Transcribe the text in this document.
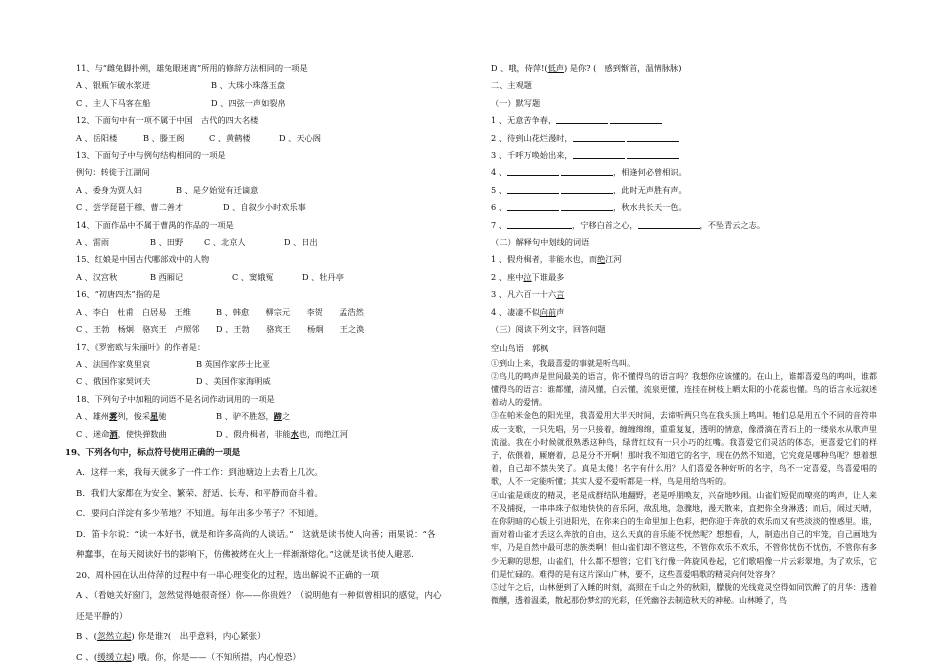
11、与“雌兔脚扑朔，雄兔眼迷离”所用的修辞方法相同的一项是
A 、银瓶乍破水浆迸	B 、大珠小珠落玉盘
C 、主人下马客在船	D 、四弦一声如裂帛
12、下面句中有一项不属于中国　古代的四大名楼
A 、岳阳楼	B 、滕王阁	C 、黄鹤楼	D 、天心阁
13、下面句子中与例句结构相同的一项是
例句：转徙于江湖间
A 、委身为贾人妇	B 、是夕始觉有迁谪意
C 、尝学琵琶于穆、曹二善才	D 、自叙少小时欢乐事
14、下面作品中不属于曹禺的作品的一项是
A 、雷雨	B 、田野	C 、北京人	D 、日出
15、红娘是中国古代哪部戏中的人物
A 、汉宫秋	B 西厢记	C 、窦娥冤	D 、牡丹亭
16、“初唐四杰”指的是
A 、李白　杜甫　白居易　王维	B 、韩愈　　柳宗元　　李贺　　孟浩然
C 、王勃　杨炯　骆宾王　卢照邻	D 、王勃　　骆宾王　　杨炯　　王之涣
17、《罗密欧与朱丽叶》的作者是：
A 、法国作家莫里哀	B 英国作家莎士比亚
C 、俄国作家契诃夫	D 、美国作家海明威
18、下列句子中加粗的词语不是名词作动词用的一项是
A 、雄州雾列，俊采星驰	B 、驴不胜怒，蹄之
C 、迷命酒，使快弹数曲	D 、假舟楫者，非能水也，而绝江河
19、下列各句中，标点符号使用正确的一项是
A．这样一来，我每天就多了一件工作：到池塘边上去看上几次。
B．我们大家都在为安全、繁荣、舒适、长寿、和平静而奋斗着。
C．要问白洋淀有多少苇地？不知道。每年出多少苇子？不知道。
D．笛卡尔说：“读一本好书，就是和许多高尚的人谈话。”　这就是读书使人向善；雨果说：“各
种蠢事，在每天阅读好书的影响下，仿佛被烤在火上一样渐渐熔化。”这就是读书使人避恶.
20、周朴园在认出侍萍的过程中有一串心理变化的过程，选出解说不正确的一项
A 、（看她关好窗门，忽然觉得她很奇怪）你——你贵姓？（说明他有一种似曾相识的感觉，内心
还是平静的）
B 、(忽然立起) 你是谁?(　出乎意料，内心紧张）
C 、(缓缓立起) 哦。你，你是——（不知所措，内心惶恐）
D 、哦，侍萍!(低声) 是你? (　感到惭首，温情脉脉)
二、主观题
（一）默写题
1 、无意苦争春，
2 、待到山花烂漫时，
3 、千呼万唤始出来，
4 、	，相逢何必曾相识。
5 、	，此时无声胜有声。
6 、	，秋水共长天一色。
7 、	，宁移白首之心，	，不坠青云之志。
（二）解释句中划线的词语
1 、假舟楫者，非能水也，而绝江河
2 、座中泣下谁最多
3 、凡六百一十六言
4 、凄凄不似向前声
（三）阅读下列文字，回答问题
空山鸟语　郭枫
①到山上来，我最喜爱的事就是听鸟叫。
②鸟儿的鸣声是世间最美的语言，你不懂得鸟的语言吗？我想你应该懂的。在山上，谁都喜爱鸟的鸣叫，谁都懂得鸟的语言：谁都懂，清风懂，白云懂，流泉更懂，连挂在树枝上晒太阳的小花蕊也懂。鸟的语言永远叙述着动人的爱情。
③在帕米金色的阳光里，我喜爱用大半天时间，去谛听两只鸟在我头顶上鸣叫。牠们总是用五个不同的音符串成一支歌，一只先唱，另一只接着，缠缠绵绵，重重复复，透明的情意，像滑滴在青石上的一缕泉水从歌声里流溢。我在小时候就很熟悉这种鸟，绿背红纹有一只小巧的红嘴。我喜爱它们灵活的体态，更喜爱它们的样子，依偎着，厮磨着，总是分不开啊！那时我不知道它的名字，现在仍然不知道，它究竟是哪种鸟呢？想着想着，自己却不禁失笑了。真是太傻！名字有什么用？人们喜爱各种好听的名字，鸟不一定喜爱，鸟喜爱唱的歌，人不一定能听懂；其实人爱不爱听都是一样，鸟是用给鸟听的。
④山雀是顽皮的精灵，老是成群结队地翻野，老是呼朋唤友，兴奋地吵闹。山雀们短促而嘹亮的鸣声，让人来不及捕捉，一串串珠子似地快快的音乐阿，敌乱地，急骤地，漫天散来，直把你全身淋透；而后，闹过天晴，在你阴暗的心版上引进阳光，在你来白的生命里加上色彩，把你迎于奔放的欢乐而又有些淡淡的惶惑里。谁，面对着山雀才丢这么奔放的自由，这么天真的音乐能不恍然呢？想想看，人，制造出自己的牢笼，自己画地为牢，乃是自然中最可悲的族类啊！但山雀们却不管这些，不管你欢乐不欢乐，不管你忧伤不忧伤，不管你有多少无聊的思想，山雀们，什么都不想管；它们飞行像一阵旋风卷起，它们歌唱像一片云彩翠地，为了欢乐，它们是忙碌的。难得的是有这片深山广林，要不，这些喜爱唱歌的精灵向何处容身？
⑤过午之后，山林便到了入睡的时刻，高照在千山之外的秋阳，朦胧的光线竟灵空得如同饮醉了的月华：透着微醺，透着温柔，散起那份梦幻的光彩，任凭幽谷去制造秋天的神秘。山林睡了，鸟
